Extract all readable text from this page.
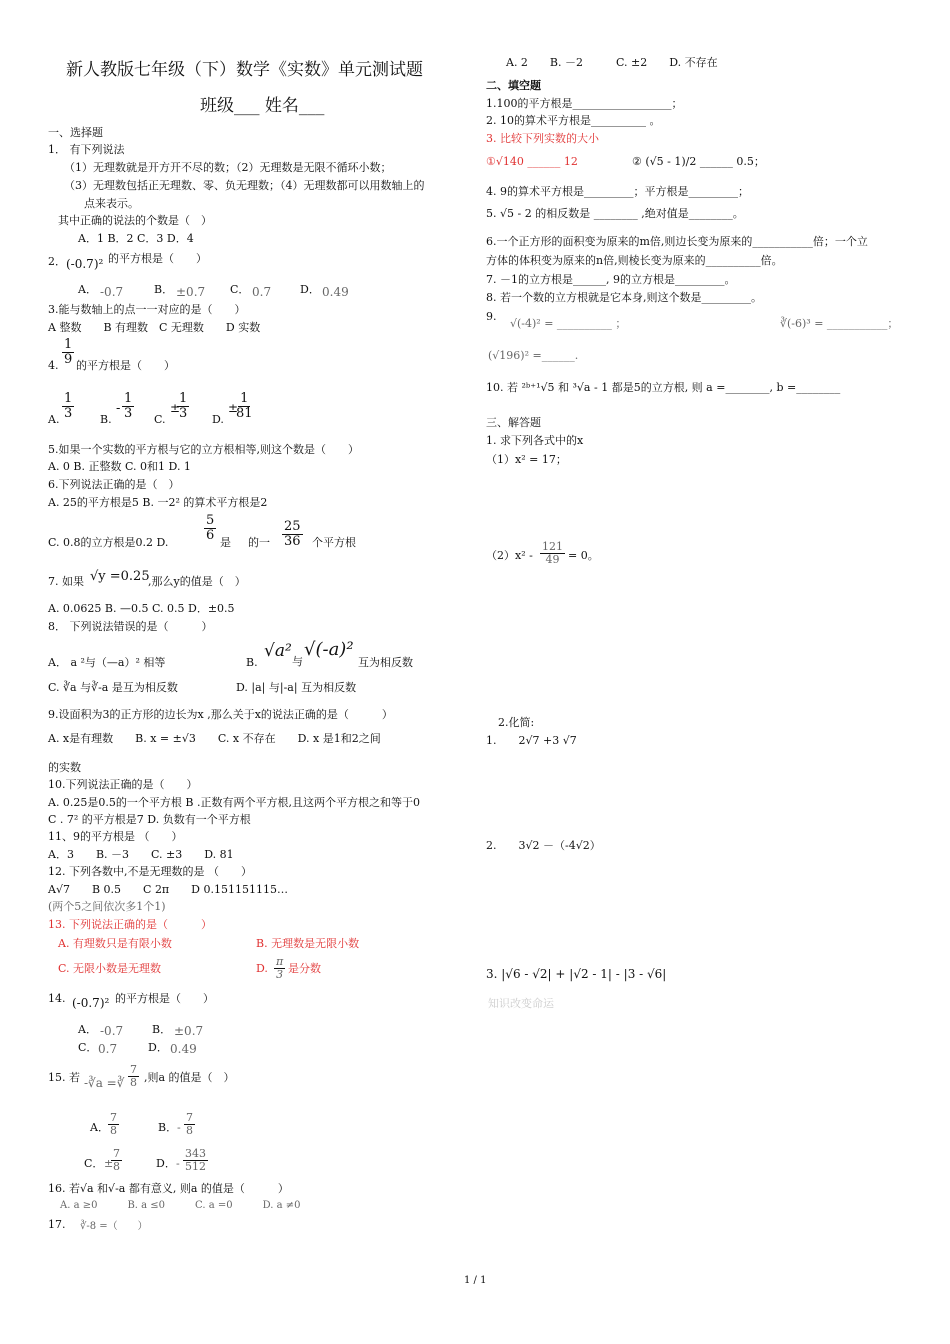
新人教版七年级（下）数学《实数》单元测试题
班级___ 姓名___
一、选择题
1． 有下列说法
（1）无理数就是开方开不尽的数；（2）无理数是无限不循环小数；
（3）无理数包括正无理数、零、负无理数；（4）无理数都可以用数轴上的
点来表示。
其中正确的说法的个数是（　）
A．1 B．2 C．3 D．4
2． (-0.7)² 的平方根是（　　）
A． -0.7	B． ±0.7 C． 0.7	D． 0.49
3.能与数轴上的点一一对应的是（　　）
A 整数　　B 有理数　C 无理数　　D 实数
4. $\frac{1}{9}$ 的平方根是（　　）
A. $\frac{1}{3} B$.
- $\frac{1}{3} C$.
±
$\frac{1}{3} D$.
±
$\frac{1}{81}$
5.如果一个实数的平方根与它的立方根相等,则这个数是（　　）
A. 0 B. 正整数 C. 0和1 D. 1
6.下列说法正确的是（　）
A. 25的平方根是5 B. 一2² 的算术平方根是2
C. 0.8的立方根是0.2 D.	$\frac{5}{6}$ 是 的一 $\frac{25}{36}$ 个平方根
7. 如果 √y =0.25
,那么y的值是（　）
A. 0.0625 B. —0.5 C. 0.5 D．±0.5
8． 下列说法错误的是（　　　）
A． a ²与（—a）² 相等	B.
√a²
与
√(-a)²
互为相反数
C. ∛a 与∛-a 是互为相反数	D. |a| 与|-a| 互为相反数
9.设面积为3的正方形的边长为x ,那么关于x的说法正确的是（　　　）
A. x是有理数　　B. x = ±√3　　C. x 不存在　　D. x 是1和2之间
的实数
10.下列说法正确的是（　　）
A. 0.25是0.5的一个平方根 B .正数有两个平方根,且这两个平方根之和等于0
C . 7² 的平方根是7 D. 负数有一个平方根
11、9的平方根是 （　　）
A．3　　B. －3　　C. ±3　　D. 81
12. 下列各数中,不是无理数的是 （　　）
A√7　　B 0.5　　C 2π　　D 0.151151115…
(两个5之间依次多1个1)
13. 下列说法正确的是（　　　）
A. 有理数只是有限小数	B. 无理数是无限小数
C. 无限小数是无理数	D. $\frac{\pi}{3}$ 是分数
14. (-0.7)² 的平方根是（　　）
A． -0.7	B． ±0.7
C． 0.7	D． 0.49
15. 若 -∛a =∛ $\frac{7}{8}$ ,则a 的值是（　）
A． $\frac{7}{8}$	B． - $\frac{7}{8}$
C． ±
$\frac{7}{8}$	D． - $\frac{343}{512}$
16. 若√a 和√-a 都有意义, 则a 的值是（　　　）
A. a ≥0　　　B. a ≤0　　　C. a =0　　　D. a ≠0
17. ∛-8 =（　　）
A. 2　　B. －2　　　C. ±2　　D. 不存在
二、填空题
1.100的平方根是__________________；
2. 10的算术平方根是__________ 。
3. 比较下列实数的大小
①√140 ______ 12	② (√5 - 1)/2 ______ 0.5；
4. 9的算术平方根是_________；平方根是_________；
5. √5 - 2 的相反数是 ________ ,绝对值是________。
6.一个正方形的面积变为原来的m倍,则边长变为原来的___________倍；一个立
方体的体积变为原来的n倍,则棱长变为原来的__________倍。
7. －1的立方根是______, 9的立方根是_________。
8. 若一个数的立方根就是它本身,则这个数是_________。
9.
√(-4)² = __________ ；	∛(-6)³ = ___________；
(√196)² =______.
10. 若 ²ᵇ⁺¹√5 和 ³√a - 1 都是5的立方根, 则 a =________, b =________
三、解答题
1. 求下列各式中的x
（1）x² = 17；
$(2)x^2 - \frac{121}{49} = 0$。
2.化简:
1.　　2√7 +3 √7
2.　　3√2 －（-4√2）
3. |√6 - √2| + |√2 - 1| - |3 - √6|
知识改变命运
1 / 1
